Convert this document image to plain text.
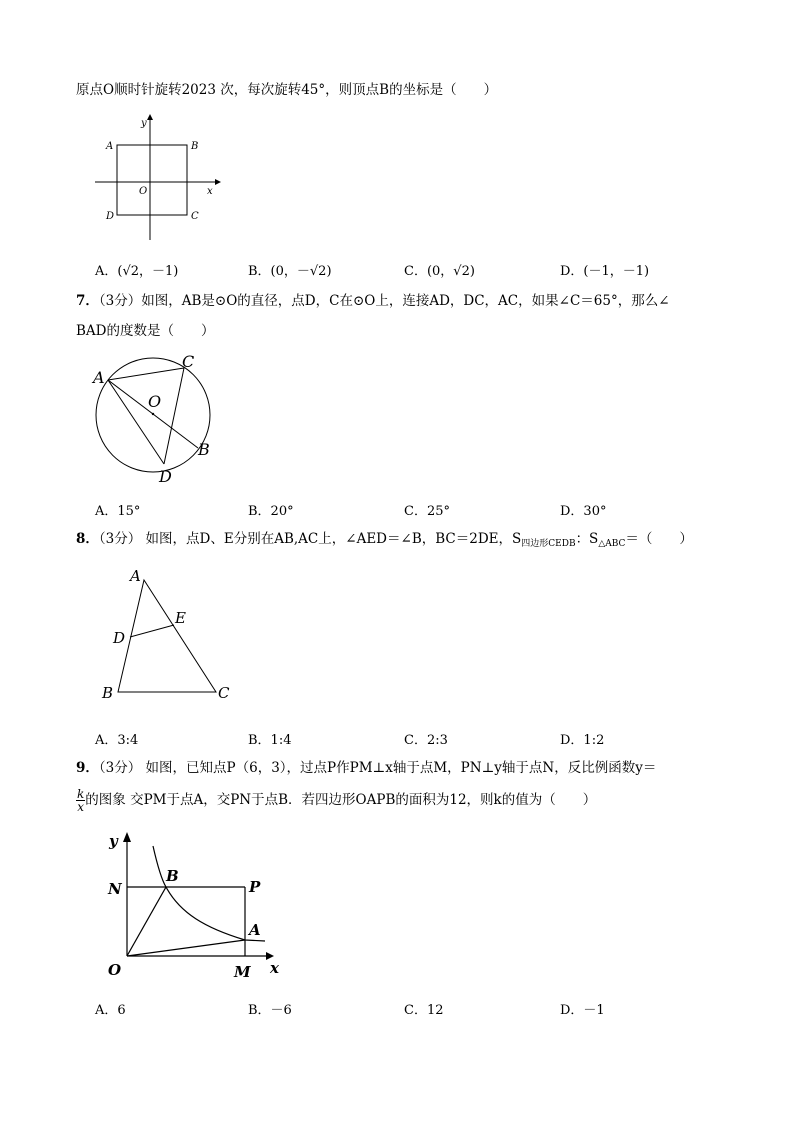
原点O顺时针旋转2023 次，每次旋转45°，则顶点B的坐标是（　　）
y
x
O
A	B
C
D
A．(√2，－1)	B．(0，－√2)	C．(0，√2)	D．(－1，－1)
7．（3分）如图，AB是⊙O的直径，点D，C在⊙O上，连接AD，DC，AC，如果∠C＝65°，那么∠
BAD的度数是（　　）
A
C
O
B
D
A．15°	B．20°	C．25°	D．30°
8．（3分） 如图，点D、E分别在AB,AC上，∠AED＝∠B，BC＝2DE，$S_{四边形CEDB}$：$S_{\triangle ABC}=$（　　）
A
E
D
B	C
A．3:4	B．1:4	C．2:3	D．1:2
9．（3分） 如图，已知点P（6，3），过点P作PM⊥x轴于点M，PN⊥y轴于点N，反比例函数y＝
$\frac{k}{x}$ 的图象 交PM于点A，交PN于点B．若四边形OAPB的面积为12，则k的值为（　　）
y
x
O
N
B
P
A
M
A．6	B．－6	C．12	D．－1
